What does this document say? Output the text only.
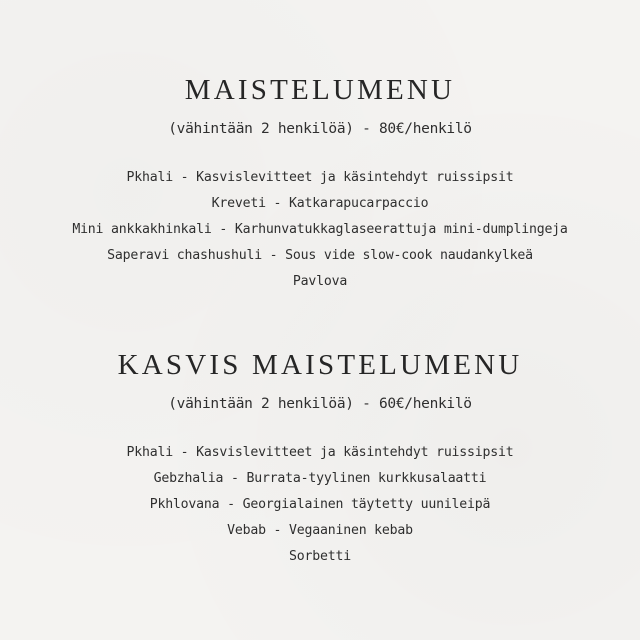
MAISTELUMENU
(vähintään 2 henkilöä) - 80€/henkilö
Pkhali - Kasvislevitteet ja käsintehdyt ruissipsit
Kreveti - Katkarapucarpaccio
Mini ankkakhinkali - Karhunvatukkaglaseerattuja mini-dumplingeja
Saperavi chashushuli - Sous vide slow-cook naudankylkeä
Pavlova
KASVIS MAISTELUMENU
(vähintään 2 henkilöä) - 60€/henkilö
Pkhali - Kasvislevitteet ja käsintehdyt ruissipsit
Gebzhalia - Burrata-tyylinen kurkkusalaatti
Pkhlovana - Georgialainen täytetty uunileipä
Vebab - Vegaaninen kebab
Sorbetti
